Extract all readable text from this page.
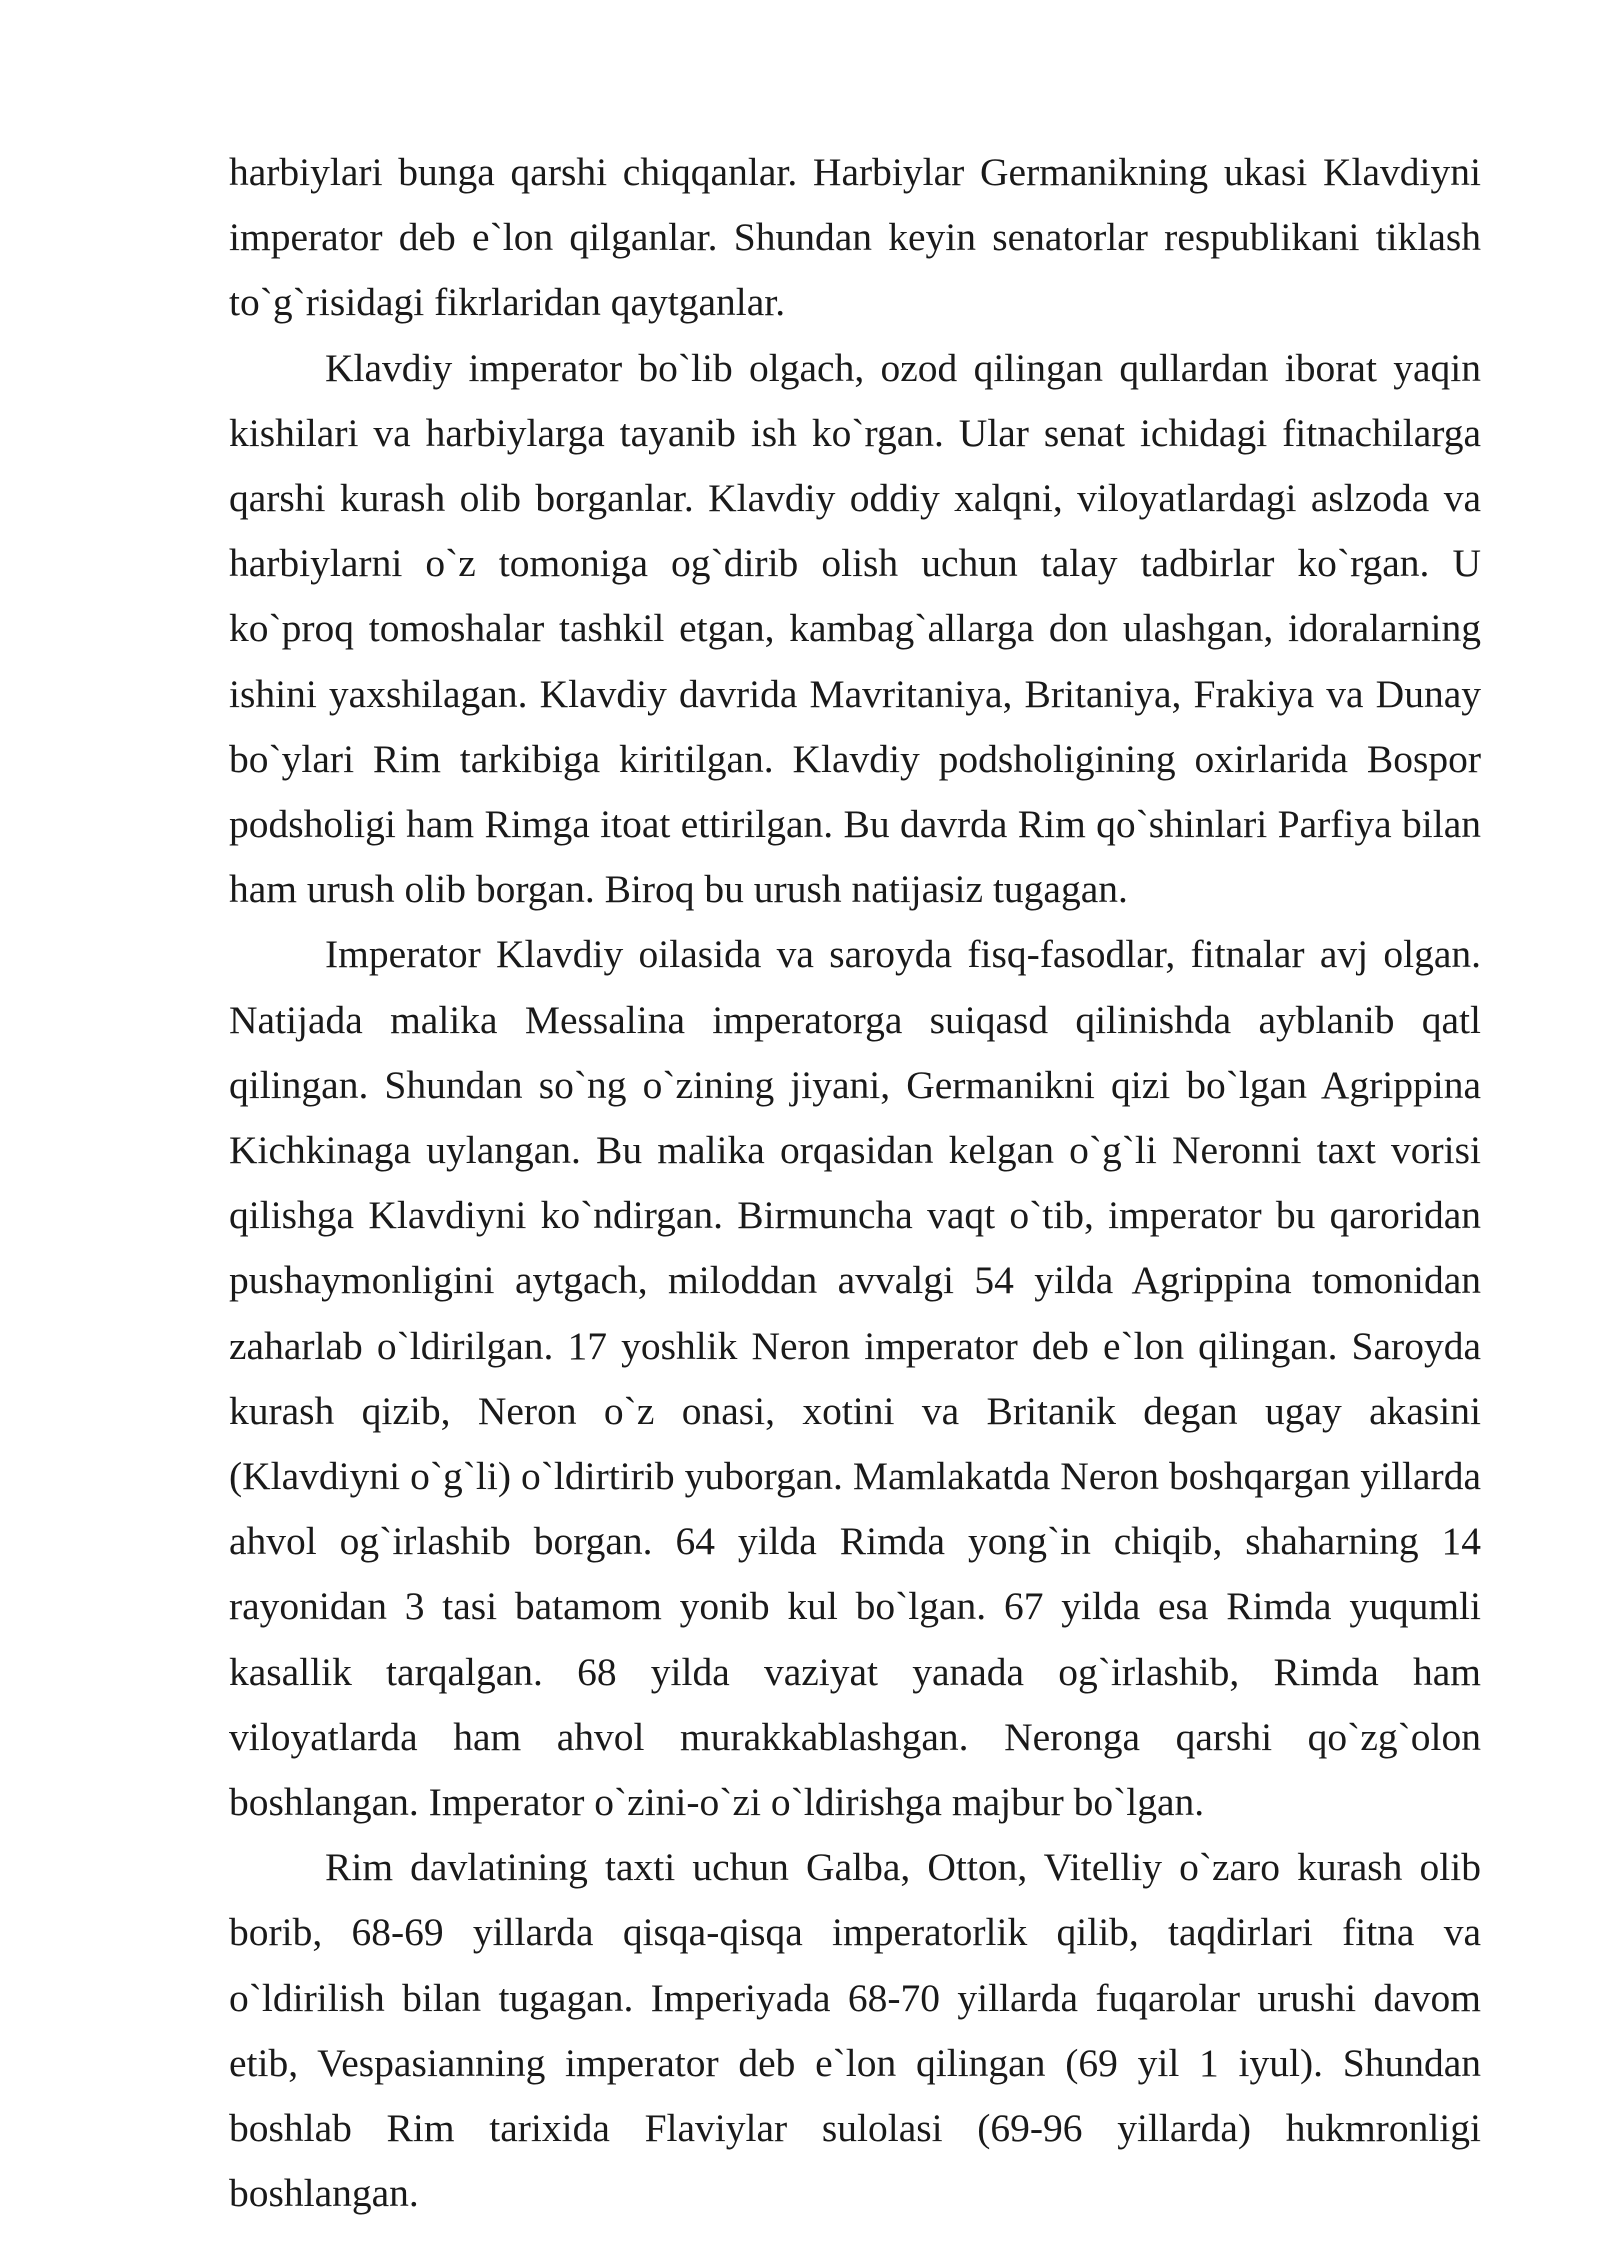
harbiylari bunga qarshi chiqqanlar. Harbiylar Germanikning ukasi Klavdiyni imperator deb e`lon qilganlar. Shundan keyin senatorlar respublikani tiklash to`g`risidagi fikrlaridan qaytganlar.

Klavdiy imperator bo`lib olgach, ozod qilingan qullardan iborat yaqin kishilari va harbiylarga tayanib ish ko`rgan. Ular senat ichidagi fitnachilarga qarshi kurash olib borganlar. Klavdiy oddiy xalqni, viloyatlardagi aslzoda va harbiylarni o`z tomoniga og`dirib olish uchun talay tadbirlar ko`rgan. U ko`proq tomoshalar tashkil etgan, kambag`allarga don ulashgan, idoralarning ishini yaxshilagan. Klavdiy davrida Mavritaniya, Britaniya, Frakiya va Dunay bo`ylari Rim tarkibiga kiritilgan. Klavdiy podsholigining oxirlarida Bospor podsholigi ham Rimga itoat ettirilgan. Bu davrda Rim qo`shinlari Parfiya bilan ham urush olib borgan. Biroq bu urush natijasiz tugagan.

Imperator Klavdiy oilasida va saroyda fisq-fasodlar, fitnalar avj olgan. Natijada malika Messalina imperatorga suiqasd qilinishda ayblanib qatl qilingan. Shundan so`ng o`zining jiyani, Germanikni qizi bo`lgan Agrippina Kichkinaga uylangan. Bu malika orqasidan kelgan o`g`li Neronni taxt vorisi qilishga Klavdiyni ko`ndirgan. Birmuncha vaqt o`tib, imperator bu qaroridan pushaymonligini aytgach, miloddan avvalgi 54 yilda Agrippina tomonidan zaharlab o`ldirilgan. 17 yoshlik Neron imperator deb e`lon qilingan. Saroyda kurash qizib, Neron o`z onasi, xotini va Britanik degan ugay akasini (Klavdiyni o`g`li) o`ldirtirib yuborgan. Mamlakatda Neron boshqargan yillarda ahvol og`irlashib borgan. 64 yilda Rimda yong`in chiqib, shaharning 14 rayonidan 3 tasi batamom yonib kul bo`lgan. 67 yilda esa Rimda yuqumli kasallik tarqalgan. 68 yilda vaziyat yanada og`irlashib, Rimda ham viloyatlarda ham ahvol murakkablashgan. Neronga qarshi qo`zg`olon boshlangan. Imperator o`zini-o`zi o`ldirishga majbur bo`lgan.

Rim davlatining taxti uchun Galba, Otton, Vitelliy o`zaro kurash olib borib, 68-69 yillarda qisqa-qisqa imperatorlik qilib, taqdirlari fitna va o`ldirilish bilan tugagan. Imperiyada 68-70 yillarda fuqarolar urushi davom etib, Vespasianning imperator deb e`lon qilingan (69 yil 1 iyul). Shundan boshlab Rim tarixida Flaviylar sulolasi (69-96 yillarda) hukmronligi boshlangan.
